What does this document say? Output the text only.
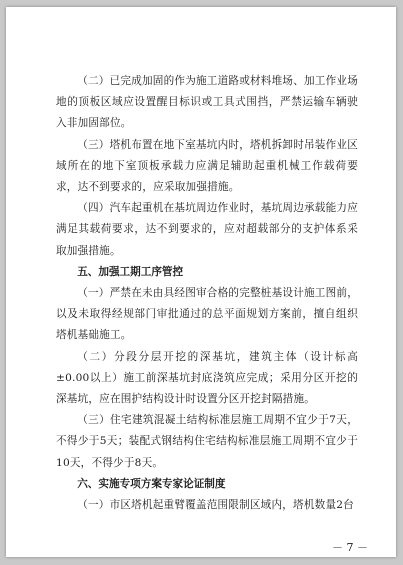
（二）已完成加固的作为施工道路或材料堆场、加工作业场地的顶板区域应设置醒目标识或工具式围挡，严禁运输车辆驶入非加固部位。

（三）塔机布置在地下室基坑内时，塔机拆卸时吊装作业区域所在的地下室顶板承载力应满足辅助起重机械工作载荷要求，达不到要求的，应采取加强措施。

（四）汽车起重机在基坑周边作业时，基坑周边承载能力应满足其载荷要求，达不到要求的，应对超载部分的支护体系采取加强措施。

五、加强工期工序管控

（一）严禁在未由具经图审合格的完整桩基设计施工图前，以及未取得经规部门审批通过的总平面规划方案前，擅自组织塔机基础施工。

（二）分段分层开挖的深基坑，建筑主体（设计标高±0.00以上）施工前深基坑封底浇筑应完成；采用分区开挖的深基坑，应在围护结构设计时设置分区开挖封隔措施。

（三）住宅建筑混凝土结构标准层施工周期不宜少于7天，不得少于5天；装配式钢结构住宅结构标准层施工周期不宜少于10天，不得少于8天。

六、实施专项方案专家论证制度

（一）市区塔机起重臂覆盖范围限制区域内，塔机数量2台

－ 7 －
